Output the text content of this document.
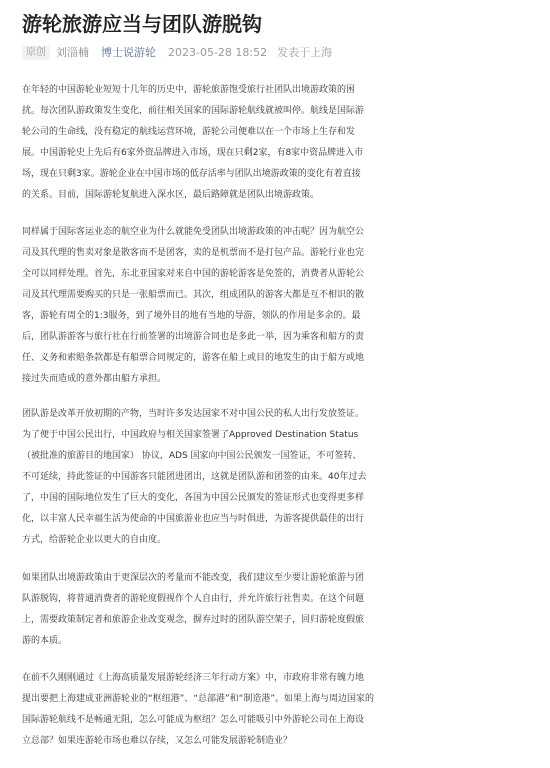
游轮旅游应当与团队游脱钩
原创 刘淄楠 博士说游轮 2023-05-28 18:52 发表于上海
在年轻的中国游轮业短短十几年的历史中，游轮旅游饱受旅行社团队出境游政策的困
扰。每次团队游政策发生变化，前往相关国家的国际游轮航线就被叫停。航线是国际游
轮公司的生命线，没有稳定的航线运营环境，游轮公司便难以在一个市场上生存和发
展。中国游轮史上先后有6家外资品牌进入市场，现在只剩2家，有8家中资品牌进入市
场，现在只剩3家。游轮企业在中国市场的低存活率与团队出境游政策的变化有着直接
的关系。目前，国际游轮复航进入深水区，最后路障就是团队出境游政策。
同样属于国际客运业态的航空业为什么就能免受团队出境游政策的冲击呢？因为航空公
司及其代理的售卖对象是散客而不是团客，卖的是机票而不是打包产品。游轮行业也完
全可以同样处理。首先，东北亚国家对来自中国的游轮游客是免签的，消费者从游轮公
司及其代理需要购买的只是一张船票而已。其次，组成团队的游客大都是互不相识的散
客，游轮有周全的1:3服务，到了境外目的地有当地的导游，领队的作用是多余的。最
后，团队游游客与旅行社在行前签署的出境游合同也是多此一举，因为乘客和船方的责
任、义务和索赔条款都是有船票合同规定的，游客在船上或目的地发生的由于船方或地
接过失而造成的意外都由船方承担。
团队游是改革开放初期的产物，当时许多发达国家不对中国公民的私人出行发放签证。
为了便于中国公民出行，中国政府与相关国家签署了Approved Destination Status
（被批准的旅游目的地国家） 协议，ADS 国家向中国公民颁发一国签证，不可签转、
不可延续，持此签证的中国游客只能团进团出，这就是团队游和团签的由来。40年过去
了，中国的国际地位发生了巨大的变化，各国为中国公民颁发的签证形式也变得更多样
化，以丰富人民幸福生活为使命的中国旅游业也应当与时俱进，为游客提供最佳的出行
方式，给游轮企业以更大的自由度。
如果团队出境游政策由于更深层次的考量而不能改变，我们建议至少要让游轮旅游与团
队游脱钩，将普通消费者的游轮度假视作个人自由行，并允许旅行社售卖。在这个问题
上，需要政策制定者和旅游企业改变观念，摒弃过时的团队游空架子，回归游轮度假旅
游的本质。
在前不久刚刚通过《上海高质量发展游轮经济三年行动方案》中，市政府非常有魄力地
提出要把上海建成亚洲游轮业的“枢纽港”、“总部港”和“制造港”。如果上海与周边国家的
国际游轮航线不是畅通无阻，怎么可能成为枢纽？怎么可能吸引中外游轮公司在上海设
立总部？如果连游轮市场也难以存续，又怎么可能发展游轮制造业？
